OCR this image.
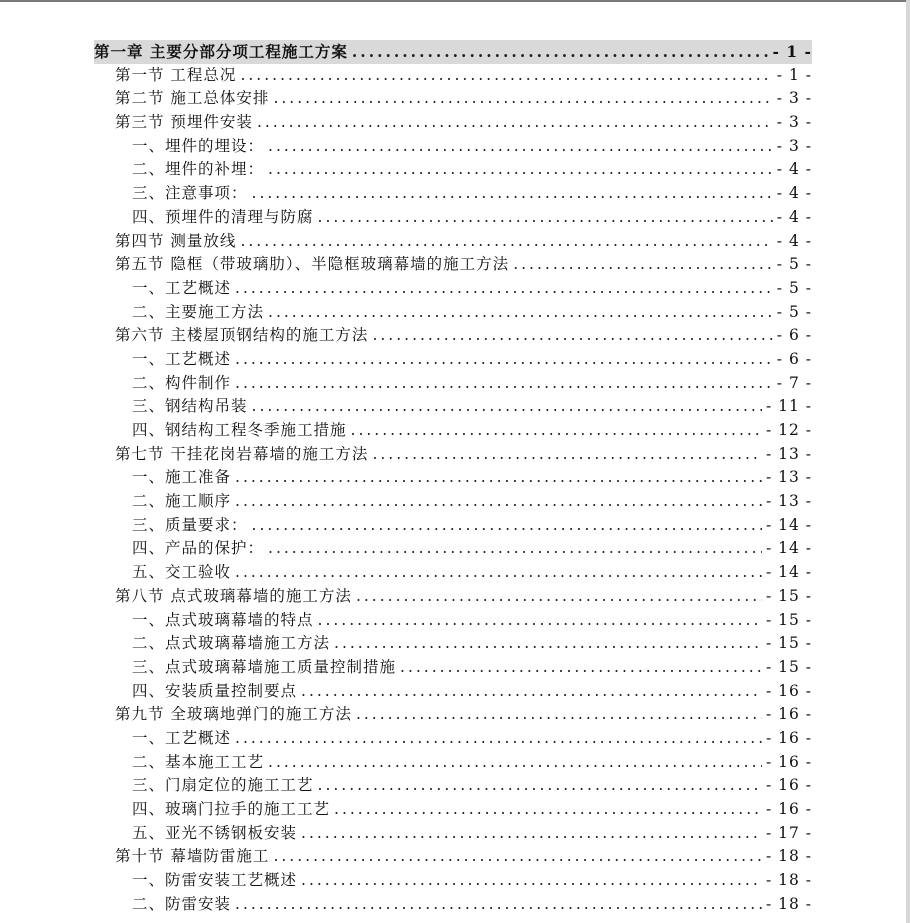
第一章 主要分部分项工程施工方案 .....	- 1 -
第一节 工程总况 .....	- 1 -
第二节 施工总体安排 .....	- 3 -
第三节 预埋件安装 .....	- 3 -
一、埋件的埋设： .....	- 3 -
二、埋件的补埋： .....	- 4 -
三、注意事项： .....	- 4 -
四、预埋件的清理与防腐 .....	- 4 -
第四节 测量放线 .....	- 4 -
第五节 隐框（带玻璃肋）、半隐框玻璃幕墙的施工方法 .....	- 5 -
一、工艺概述 .....	- 5 -
二、主要施工方法 .....	- 5 -
第六节 主楼屋顶钢结构的施工方法 .....	- 6 -
一、工艺概述 .....	- 6 -
二、构件制作 .....	- 7 -
三、钢结构吊装 .....	- 11 -
四、钢结构工程冬季施工措施 .....	- 12 -
第七节 干挂花岗岩幕墙的施工方法 .....	- 13 -
一、施工准备 .....	- 13 -
二、施工顺序 .....	- 13 -
三、质量要求： .....	- 14 -
四、产品的保护： .....	- 14 -
五、交工验收 .....	- 14 -
第八节 点式玻璃幕墙的施工方法 .....	- 15 -
一、点式玻璃幕墙的特点 .....	- 15 -
二、点式玻璃幕墙施工方法 .....	- 15 -
三、点式玻璃幕墙施工质量控制措施 .....	- 15 -
四、安装质量控制要点 .....	- 16 -
第九节 全玻璃地弹门的施工方法 .....	- 16 -
一、工艺概述 .....	- 16 -
二、基本施工工艺 .....	- 16 -
三、门扇定位的施工工艺 .....	- 16 -
四、玻璃门拉手的施工工艺 .....	- 16 -
五、亚光不锈钢板安装 .....	- 17 -
第十节 幕墙防雷施工 .....	- 18 -
一、防雷安装工艺概述 .....	- 18 -
二、防雷安装 .....	- 18 -
